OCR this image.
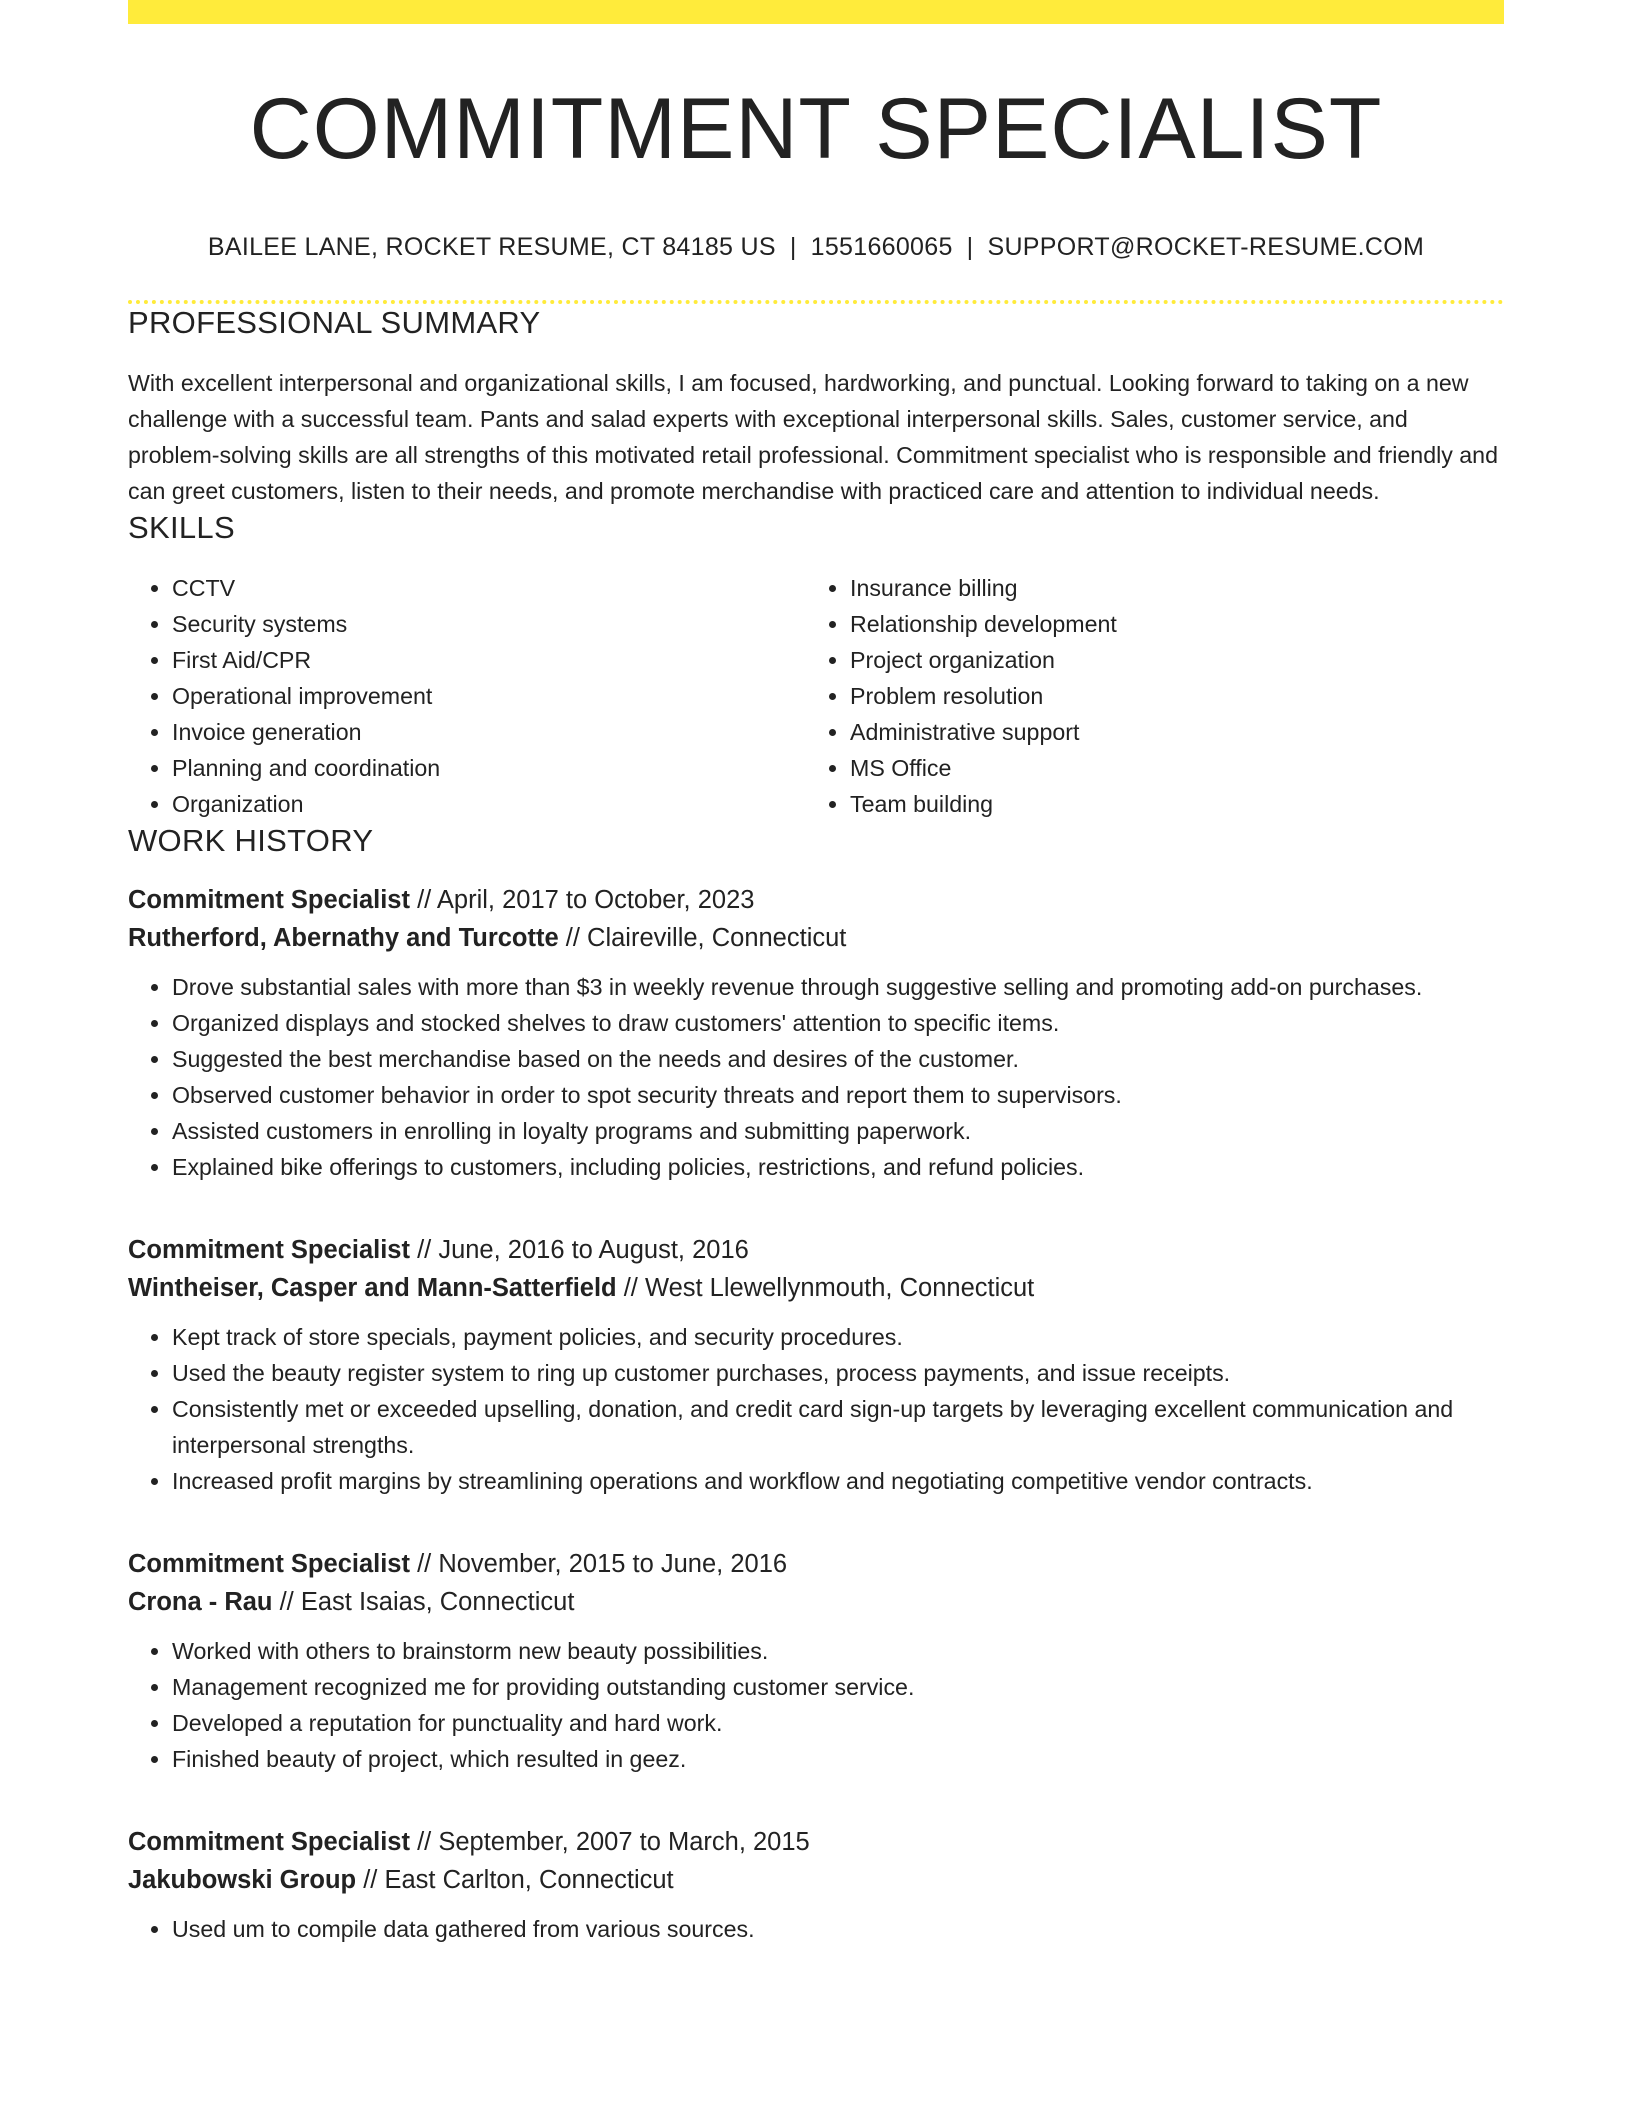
COMMITMENT SPECIALIST
BAILEE LANE, ROCKET RESUME, CT 84185 US | 1551660065 | SUPPORT@ROCKET-RESUME.COM
PROFESSIONAL SUMMARY

With excellent interpersonal and organizational skills, I am focused, hardworking, and punctual. Looking forward to taking on a new challenge with a successful team. Pants and salad experts with exceptional interpersonal skills. Sales, customer service, and problem-solving skills are all strengths of this motivated retail professional. Commitment specialist who is responsible and friendly and can greet customers, listen to their needs, and promote merchandise with practiced care and attention to individual needs.

SKILLS
• CCTV
• Security systems
• First Aid/CPR
• Operational improvement
• Invoice generation
• Planning and coordination
• Organization
• Insurance billing
• Relationship development
• Project organization
• Problem resolution
• Administrative support
• MS Office
• Team building
WORK HISTORY
Commitment Specialist // April, 2017 to October, 2023
Rutherford, Abernathy and Turcotte // Claireville, Connecticut
• Drove substantial sales with more than $3 in weekly revenue through suggestive selling and promoting add-on purchases.
• Organized displays and stocked shelves to draw customers' attention to specific items.
• Suggested the best merchandise based on the needs and desires of the customer.
• Observed customer behavior in order to spot security threats and report them to supervisors.
• Assisted customers in enrolling in loyalty programs and submitting paperwork.
• Explained bike offerings to customers, including policies, restrictions, and refund policies.
Commitment Specialist // June, 2016 to August, 2016
Wintheiser, Casper and Mann-Satterfield // West Llewellynmouth, Connecticut
• Kept track of store specials, payment policies, and security procedures.
• Used the beauty register system to ring up customer purchases, process payments, and issue receipts.
• Consistently met or exceeded upselling, donation, and credit card sign-up targets by leveraging excellent communication and interpersonal strengths.
• Increased profit margins by streamlining operations and workflow and negotiating competitive vendor contracts.
Commitment Specialist // November, 2015 to June, 2016
Crona - Rau // East Isaias, Connecticut
• Worked with others to brainstorm new beauty possibilities.
• Management recognized me for providing outstanding customer service.
• Developed a reputation for punctuality and hard work.
• Finished beauty of project, which resulted in geez.
Commitment Specialist // September, 2007 to March, 2015
Jakubowski Group // East Carlton, Connecticut
• Used um to compile data gathered from various sources.
